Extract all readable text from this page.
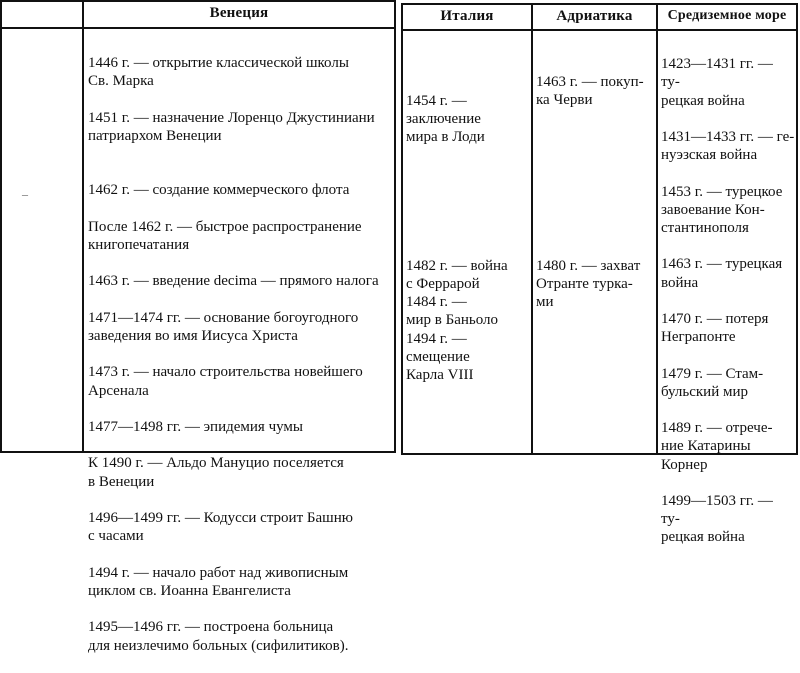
Венеция
–

1446 г. — открытие классической школы
Св. Марка

1451 г. — назначение Лоренцо Джустиниани
патриархом Венеции

1462 г. — создание коммерческого флота

После 1462 г. — быстрое распространение
книгопечатания

1463 г. — введение decima — прямого налога

1471—1474 гг. — основание богоугодного
заведения во имя Иисуса Христа

1473 г. — начало строительства новейшего
Арсенала

1477—1498 гг. — эпидемия чумы

К 1490 г. — Альдо Мануцио поселяется
в Венеции

1496—1499 гг. — Кодусси строит Башню
с часами

1494 г. — начало работ над живописным
циклом св. Иоанна Евангелиста

1495—1496 гг. — построена больница
для неизлечимо больных (сифилитиков).

Италия	Адриатика	Средиземное море
1454 г. —
заключение
мира в Лоди
1482 г. — война
с Феррарой
1484 г. —
мир в Баньоло
1494 г. —
смещение
Карла VIII
1463 г. — покуп-
ка Черви
1480 г. — захват
Отранте турка-
ми

1423—1431 гг. — ту-
рецкая война

1431—1433 гг. — ге-
нуэзская война

1453 г. — турецкое
завоевание Кон-
стантинополя

1463 г. — турецкая
война

1470 г. — потеря
Негрaпонте

1479 г. — Стам-
бульский мир

1489 г. — отрече-
ние Катарины
Корнер

1499—1503 гг. — ту-
рецкая война
